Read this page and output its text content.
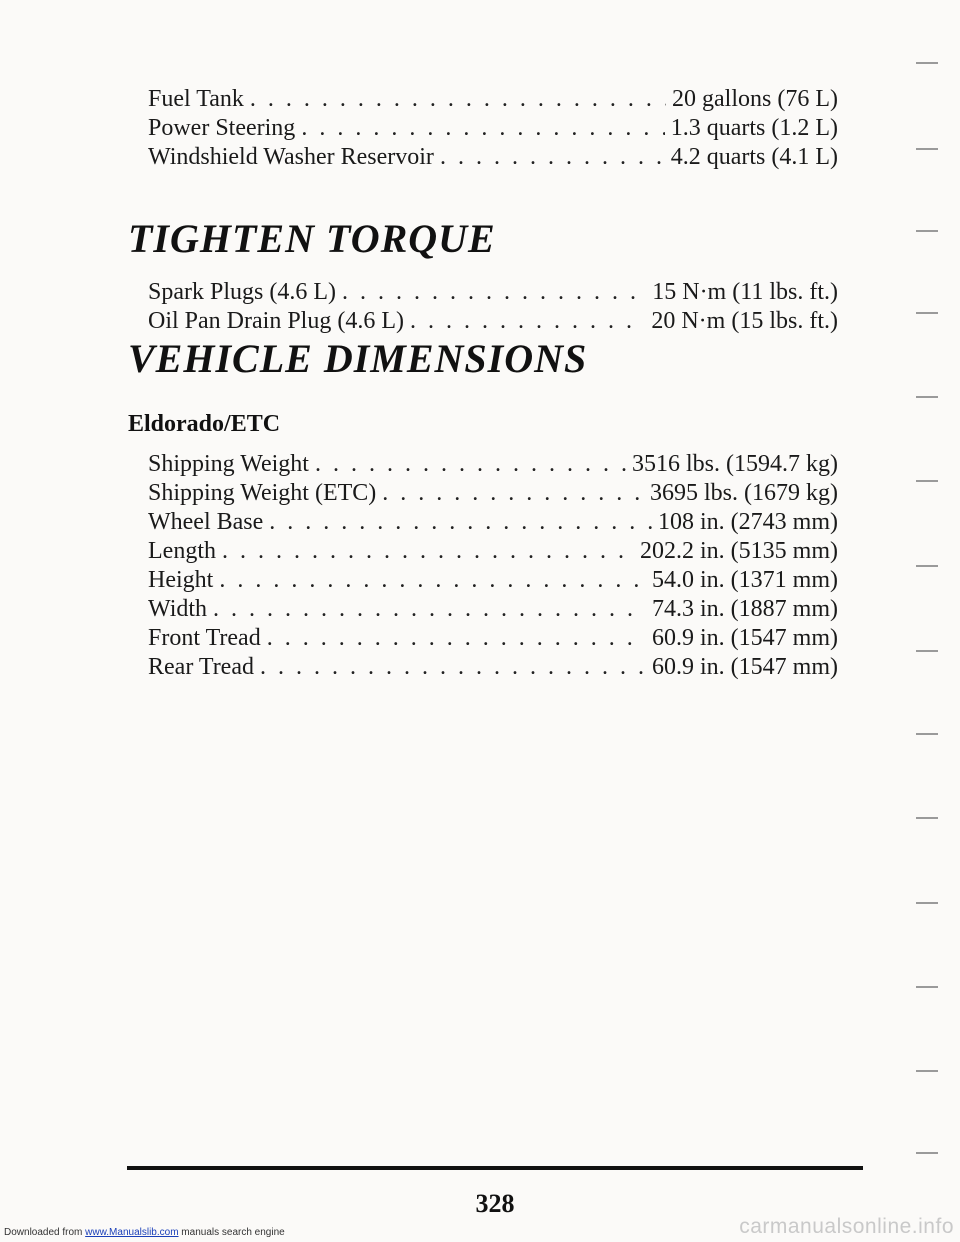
Fuel Tank . . .	20 gallons (76 L)
Power Steering . . .	1.3 quarts (1.2 L)
Windshield Washer Reservoir . . .	4.2 quarts (4.1 L)
TIGHTEN TORQUE
Spark Plugs (4.6 L) . . .	15 N·m (11 lbs. ft.)
Oil Pan Drain Plug (4.6 L) . . .	20 N·m (15 lbs. ft.)
VEHICLE DIMENSIONS
Eldorado/ETC
Shipping Weight . . .	3516 lbs. (1594.7 kg)
Shipping Weight (ETC) . . .	3695 lbs. (1679 kg)
Wheel Base . . .	108 in. (2743 mm)
Length . . .	202.2 in. (5135 mm)
Height . . .	54.0 in. (1371 mm)
Width . . .	74.3 in. (1887 mm)
Front Tread . . .	60.9 in. (1547 mm)
Rear Tread . . .	60.9 in. (1547 mm)
328
Downloaded from www.Manualslib.com manuals search engine	carmanualsonline.info
